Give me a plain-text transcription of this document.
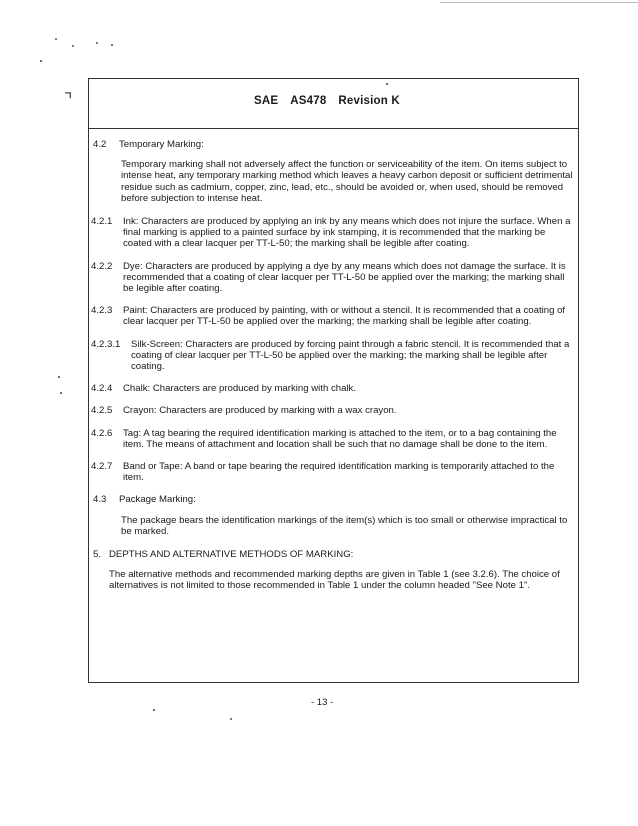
⌝	SAE AS478 Revision K
4.2 Temporary Marking:
Temporary marking shall not adversely affect the function or serviceability of the item. On items subject to intense heat, any temporary marking method which leaves a heavy carbon deposit or sufficient detrimental residue such as cadmium, copper, zinc, lead, etc., should be avoided or, when used, should be removed before subjection to intense heat.
4.2.1 Ink: Characters are produced by applying an ink by any means which does not injure the surface. When a final marking is applied to a painted surface by ink stamping, it is recommended that the marking be coated with a clear lacquer per TT-L-50; the marking shall be legible after coating.
4.2.2 Dye: Characters are produced by applying a dye by any means which does not damage the surface. It is recommended that a coating of clear lacquer per TT-L-50 be applied over the marking; the marking shall be legible after coating.
4.2.3 Paint: Characters are produced by painting, with or without a stencil. It is recommended that a coating of clear lacquer per TT-L-50 be applied over the marking; the marking shall be legible after coating.
4.2.3.1 Silk-Screen: Characters are produced by forcing paint through a fabric stencil. It is recommended that a coating of clear lacquer per TT-L-50 be applied over the marking; the marking shall be legible after coating.
4.2.4 Chalk: Characters are produced by marking with chalk.
4.2.5 Crayon: Characters are produced by marking with a wax crayon.
4.2.6 Tag: A tag bearing the required identification marking is attached to the item, or to a bag containing the item. The means of attachment and location shall be such that no damage shall be done to the item.
4.2.7 Band or Tape: A band or tape bearing the required identification marking is temporarily attached to the item.
4.3 Package Marking:
The package bears the identification markings of the item(s) which is too small or otherwise impractical to be marked.
5. DEPTHS AND ALTERNATIVE METHODS OF MARKING:
The alternative methods and recommended marking depths are given in Table 1 (see 3.2.6). The choice of alternatives is not limited to those recommended in Table 1 under the column headed "See Note 1".
- 13 -
